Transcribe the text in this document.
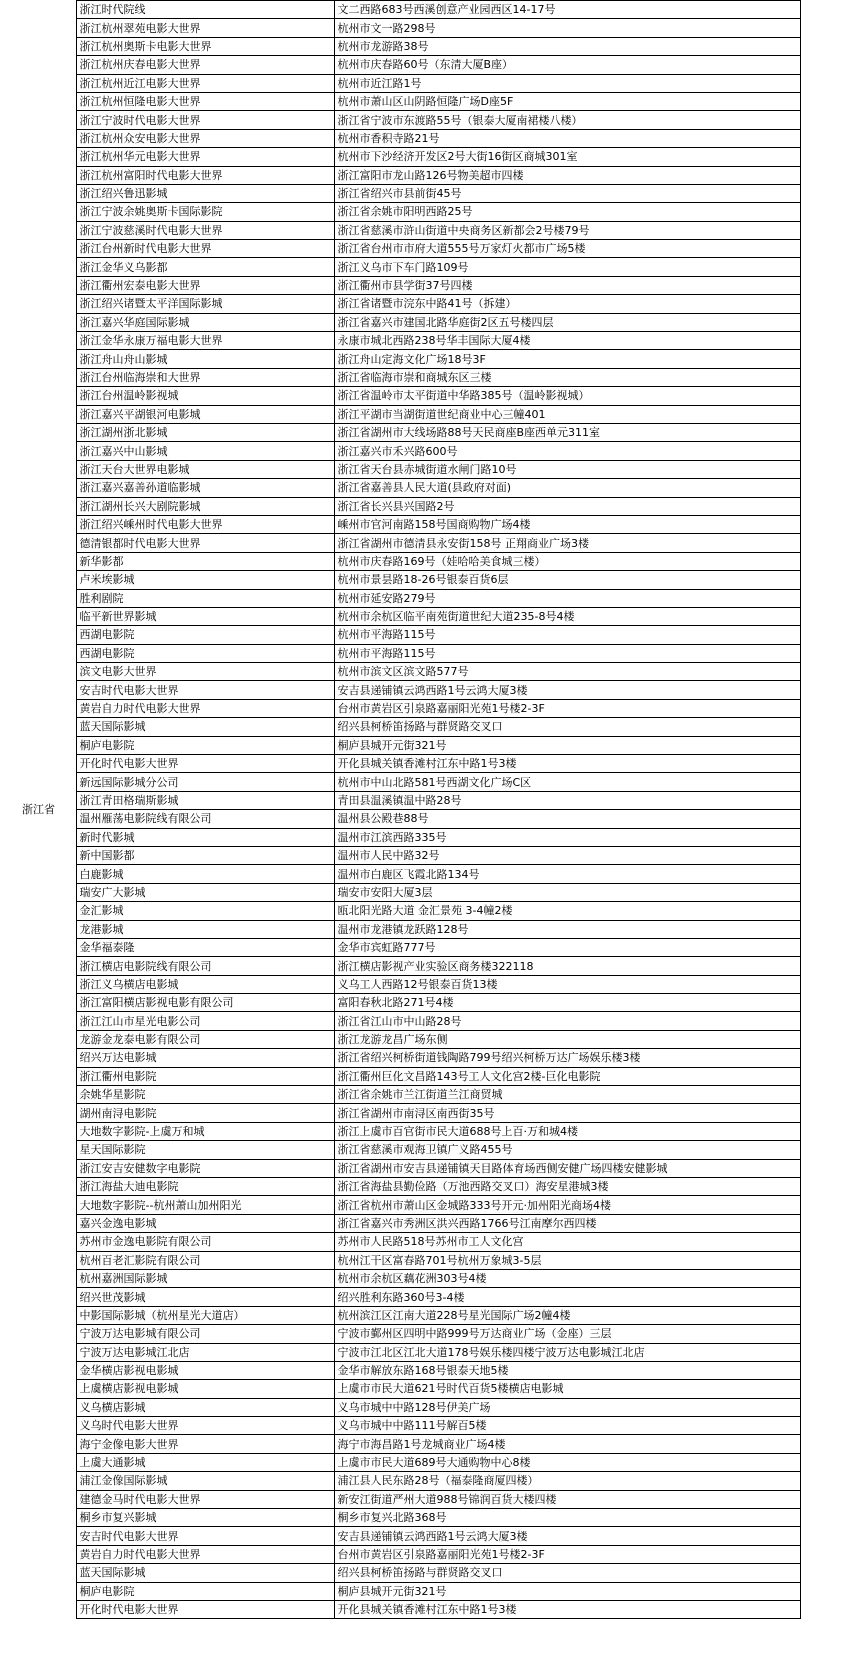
浙江省	浙江时代院线	文二西路683号西溪创意产业园西区14-17号
	浙江杭州翠苑电影大世界	杭州市文一路298号
	浙江杭州奥斯卡电影大世界	杭州市龙游路38号
	浙江杭州庆春电影大世界	杭州市庆春路60号（东清大厦B座）
	浙江杭州近江电影大世界	杭州市近江路1号
	浙江杭州恒隆电影大世界	杭州市萧山区山阴路恒隆广场D座5F
	浙江宁波时代电影大世界	浙江省宁波市东渡路55号（银泰大厦南裙楼八楼）
	浙江杭州众安电影大世界	杭州市香积寺路21号
	浙江杭州华元电影大世界	杭州市下沙经济开发区2号大街16街区商城301室
	浙江杭州富阳时代电影大世界	浙江富阳市龙山路126号物美超市四楼
	浙江绍兴鲁迅影城	浙江省绍兴市县前街45号
	浙江宁波余姚奥斯卡国际影院	浙江省余姚市阳明西路25号
	浙江宁波慈溪时代电影大世界	浙江省慈溪市浒山街道中央商务区新都会2号楼79号
	浙江台州新时代电影大世界	浙江省台州市市府大道555号万家灯火都市广场5楼
	浙江金华义乌影都	浙江义乌市下车门路109号
	浙江衢州宏泰电影大世界	浙江衢州市县学街37号四楼
	浙江绍兴诸暨太平洋国际影城	浙江省诸暨市浣东中路41号（拆建）
	浙江嘉兴华庭国际影城	浙江省嘉兴市建国北路华庭街2区五号楼四层
	浙江金华永康万福电影大世界	永康市城北西路238号华丰国际大厦4楼
	浙江舟山舟山影城	浙江舟山定海文化广场18号3F
	浙江台州临海崇和大世界	浙江省临海市崇和商城东区三楼
	浙江台州温岭影视城	浙江省温岭市太平街道中华路385号（温岭影视城）
	浙江嘉兴平湖银河电影城	浙江平湖市当湖街道世纪商业中心三幢401
	浙江湖州浙北影城	浙江省湖州市大线场路88号天民商座B座西单元311室
	浙江嘉兴中山影城	浙江嘉兴市禾兴路600号
	浙江天台大世界电影城	浙江省天台县赤城街道水闸门路10号
	浙江嘉兴嘉善孙道临影城	浙江省嘉善县人民大道(县政府对面)
	浙江湖州长兴大剧院影城	浙江省长兴县兴国路2号
	浙江绍兴嵊州时代电影大世界	嵊州市官河南路158号国商购物广场4楼
	德清银都时代电影大世界	浙江省湖州市德清县永安街158号 正翔商业广场3楼
	新华影都	杭州市庆春路169号（娃哈哈美食城三楼）
	卢米埃影城	杭州市景昙路18-26号银泰百货6层
	胜利剧院	杭州市延安路279号
	临平新世界影城	杭州市余杭区临平南苑街道世纪大道235-8号4楼
	西湖电影院	杭州市平海路115号
	西湖电影院	杭州市平海路115号
	滨文电影大世界	杭州市滨文区滨文路577号
	安吉时代电影大世界	安吉县递铺镇云鸿西路1号云鸿大厦3楼
	黄岩自力时代电影大世界	台州市黄岩区引泉路嘉丽阳光苑1号楼2-3F
	蓝天国际影城	绍兴县柯桥笛扬路与群贤路交叉口
	桐庐电影院	桐庐县城开元街321号
	开化时代电影大世界	开化县城关镇香滩村江东中路1号3楼
	新远国际影城分公司	杭州市中山北路581号西湖文化广场C区
	浙江青田格瑞斯影城	青田县温溪镇温中路28号
	温州雁荡电影院线有限公司	温州县公殿巷88号
	新时代影城	温州市江滨西路335号
	新中国影都	温州市人民中路32号
	白鹿影城	温州市白鹿区飞霞北路134号
	瑞安广大影城	瑞安市安阳大厦3层
	金汇影城	瓯北阳光路大道 金汇景苑 3-4幢2楼
	龙港影城	温州市龙港镇龙跃路128号
	金华福泰隆	金华市宾虹路777号
	浙江横店电影院线有限公司	浙江横店影视产业实验区商务楼322118
	浙江义乌横店电影城	义乌工人西路12号银泰百货13楼
	浙江富阳横店影视电影有限公司	富阳春秋北路271号4楼
	浙江江山市星光电影公司	浙江省江山市中山路28号
	龙游金龙泰电影有限公司	浙江龙游龙昌广场东侧
	绍兴万达电影城	浙江省绍兴柯桥街道钱陶路799号绍兴柯桥万达广场娱乐楼3楼
	浙江衢州电影院	浙江衢州巨化文昌路143号工人文化宫2楼-巨化电影院
	余姚华星影院	浙江省余姚市兰江街道兰江商贸城
	湖州南浔电影院	浙江省湖州市南浔区南西街35号
	大地数字影院-上虞万和城	浙江上虞市百官街市民大道688号上百·万和城4楼
	星天国际影院	浙江省慈溪市观海卫镇广义路455号
	浙江安吉安健数字电影院	浙江省湖州市安吉县递铺镇天目路体育场西侧安健广场四楼安健影城
	浙江海盐大迪电影院	浙江省海盐县勤俭路（万池西路交叉口）海安星港城3楼
	大地数字影院--杭州萧山加州阳光	浙江省杭州市萧山区金城路333号开元·加州阳光商场4楼
	嘉兴金逸电影城	浙江省嘉兴市秀洲区洪兴西路1766号江南摩尔西四楼
	苏州市金逸电影院有限公司	苏州市人民路518号苏州市工人文化宫
	杭州百老汇影院有限公司	杭州江干区富春路701号杭州万象城3-5层
	杭州嘉洲国际影城	杭州市余杭区藕花洲303号4楼
	绍兴世茂影城	绍兴胜利东路360号3-4楼
	中影国际影城（杭州星光大道店）	杭州滨江区江南大道228号星光国际广场2幢4楼
	宁波万达电影城有限公司	宁波市鄞州区四明中路999号万达商业广场（金座）三层
	宁波万达电影城江北店	宁波市江北区江北大道178号娱乐楼四楼宁波万达电影城江北店
	金华横店影视电影城	金华市解放东路168号银泰天地5楼
	上虞横店影视电影城	上虞市市民大道621号时代百货5楼横店电影城
	义乌横店影城	义乌市城中中路128号伊美广场
	义乌时代电影大世界	义乌市城中中路111号解百5楼
	海宁金像电影大世界	海宁市海昌路1号龙城商业广场4楼
	上虞大通影城	上虞市市民大道689号大通购物中心8楼
	浦江金像国际影城	浦江县人民东路28号（福泰隆商厦四楼）
	建德金马时代电影大世界	新安江街道严州大道988号锦润百货大楼四楼
	桐乡市复兴影城	桐乡市复兴北路368号
	安吉时代电影大世界	安吉县递铺镇云鸿西路1号云鸿大厦3楼
	黄岩自力时代电影大世界	台州市黄岩区引泉路嘉丽阳光苑1号楼2-3F
	蓝天国际影城	绍兴县柯桥笛扬路与群贤路交叉口
	桐庐电影院	桐庐县城开元街321号
	开化时代电影大世界	开化县城关镇香滩村江东中路1号3楼
